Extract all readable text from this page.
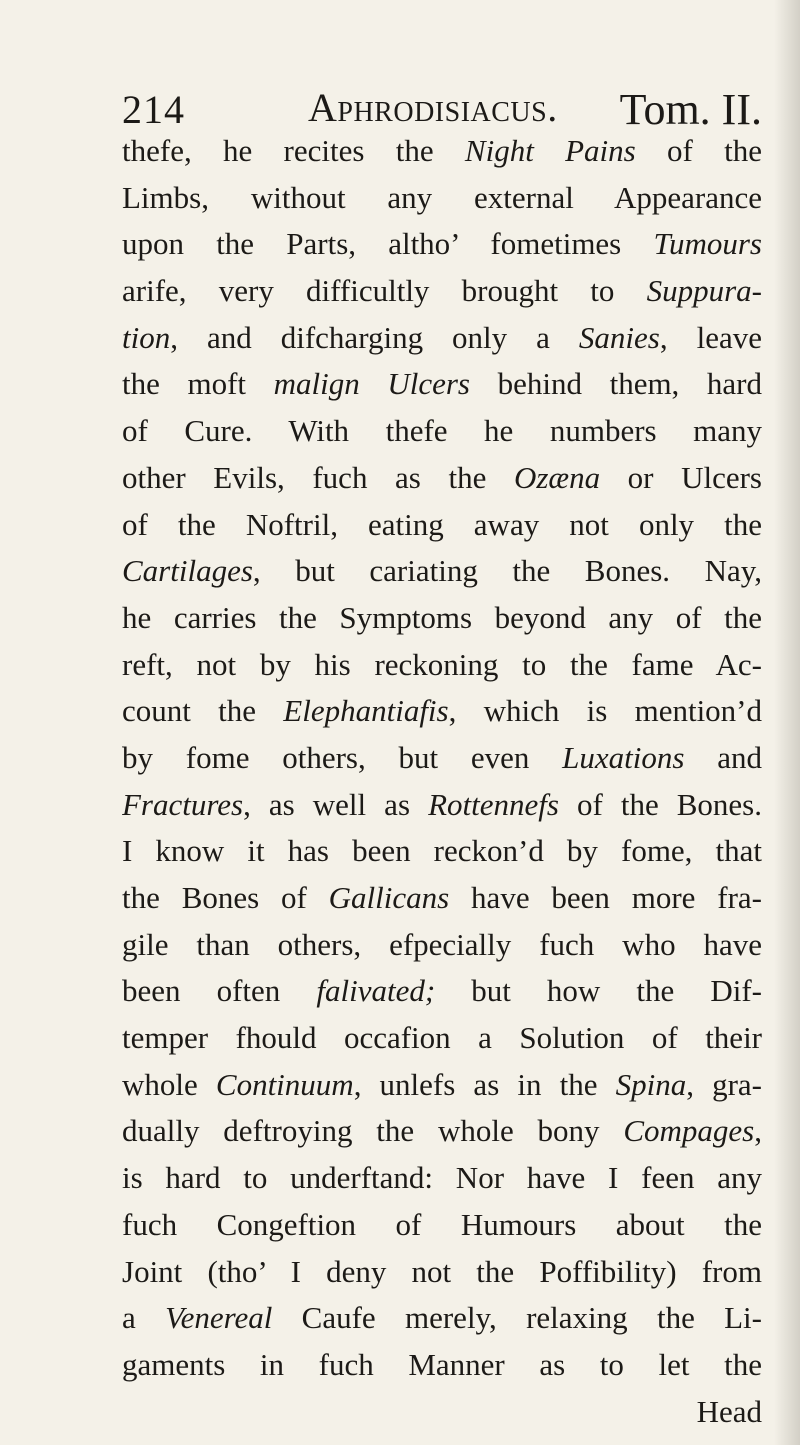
214	Aphrodisiacus. Tom. II.
thefe, he recites the Night Pains of the
Limbs, without any external Appearance
upon the Parts, altho’ fometimes Tumours
arife, very difficultly brought to Suppura-
tion, and difcharging only a Sanies, leave
the moft malign Ulcers behind them, hard
of Cure. With thefe he numbers many
other Evils, fuch as the Ozæna or Ulcers
of the Noftril, eating away not only the
Cartilages, but cariating the Bones. Nay,
he carries the Symptoms beyond any of the
reft, not by his reckoning to the fame Ac-
count the Elephantiafis, which is mention’d
by fome others, but even Luxations and
Fractures, as well as Rottennefs of the Bones.
I know it has been reckon’d by fome, that
the Bones of Gallicans have been more fra-
gile than others, efpecially fuch who have
been often falivated; but how the Dif-
temper fhould occafion a Solution of their
whole Continuum, unlefs as in the Spina, gra-
dually deftroying the whole bony Compages,
is hard to underftand: Nor have I feen any
fuch Congeftion of Humours about the
Joint (tho’ I deny not the Poffibility) from
a Venereal Caufe merely, relaxing the Li-
gaments in fuch Manner as to let the
Head
